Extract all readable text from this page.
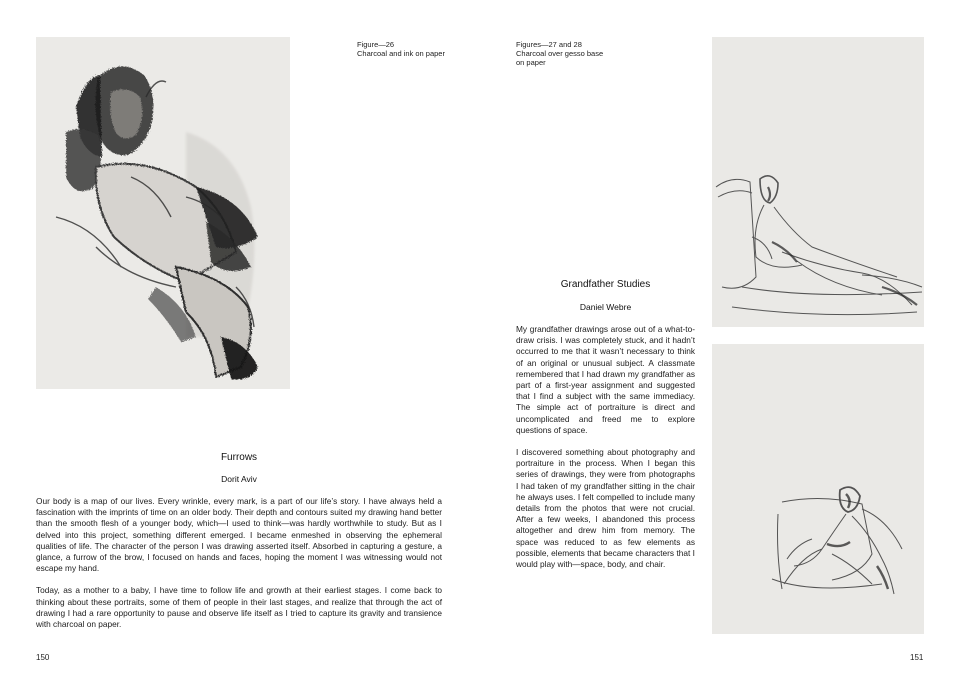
Figure—26
Charcoal and ink on paper
Furrows
Dorit Aviv

Our body is a map of our lives. Every wrinkle, every mark, is a part of our life’s story. I have always held a fascination with the imprints of time on an older body. Their depth and contours suited my drawing hand better than the smooth flesh of a younger body, which—I used to think—was hardly worthwhile to study. But as I delved into this project, something different emerged. I became enmeshed in observing the ephemeral qualities of life. The character of the person I was drawing asserted itself. Absorbed in capturing a gesture, a glance, a furrow of the brow, I focused on hands and faces, hoping the moment I was witnessing would not escape my hand.

Today, as a mother to a baby, I have time to follow life and growth at their earliest stages. I come back to thinking about these portraits, some of them of people in their last stages, and realize that through the act of drawing I had a rare opportunity to pause and observe life itself as I tried to capture its gravity and transience with charcoal on paper.

150
Figures—27 and 28
Charcoal over gesso base
on paper
Grandfather Studies
Daniel Webre

My grandfather drawings arose out of a what-to-draw crisis. I was completely stuck, and it hadn’t occurred to me that it wasn’t necessary to think of an original or unusual subject. A classmate remembered that I had drawn my grandfather as part of a first-year assignment and suggested that I find a subject with the same immediacy. The simple act of portraiture is direct and uncomplicated and freed me to explore questions of space.

I discovered something about photography and portraiture in the process. When I began this series of drawings, they were from photographs I had taken of my grandfather sitting in the chair he always uses. I felt compelled to include many details from the photos that were not crucial. After a few weeks, I abandoned this process altogether and drew him from memory. The space was reduced to as few elements as possible, elements that became characters that I would play with—space, body, and chair.

151
